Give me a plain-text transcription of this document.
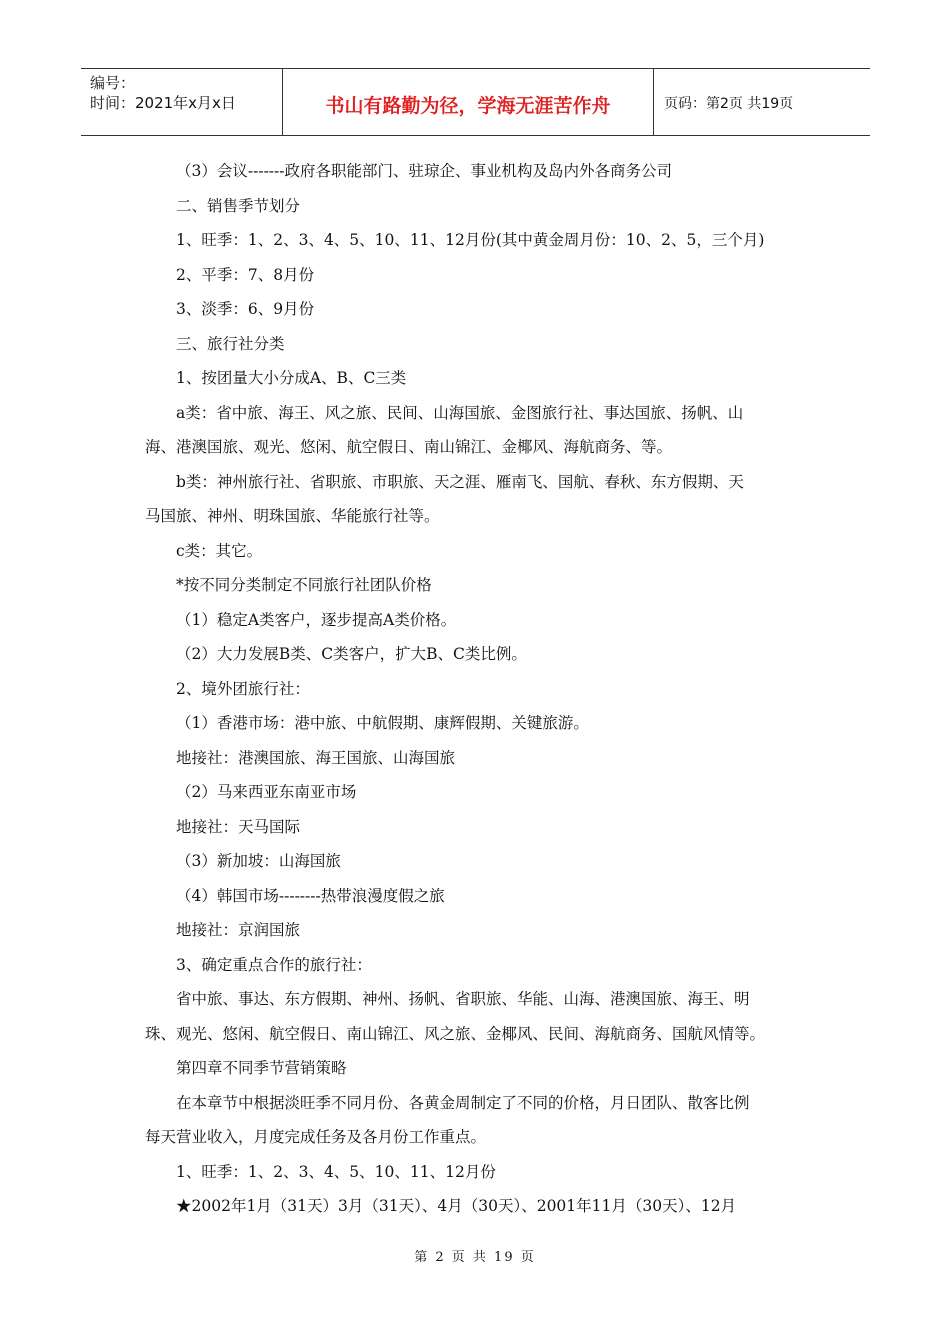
编号：
时间：2021年x月x日	书山有路勤为径，学海无涯苦作舟	页码：第2页 共19页
（3）会议-------政府各职能部门、驻琼企、事业机构及岛内外各商务公司
二、销售季节划分
1、旺季：1、2、3、4、5、10、11、12月份(其中黄金周月份：10、2、5，三个月)
2、平季：7、8月份
3、淡季：6、9月份
三、旅行社分类
1、按团量大小分成A、B、C三类
a类：省中旅、海王、风之旅、民间、山海国旅、金图旅行社、事达国旅、扬帆、山
海、港澳国旅、观光、悠闲、航空假日、南山锦江、金椰风、海航商务、等。
b类：神州旅行社、省职旅、市职旅、天之涯、雁南飞、国航、春秋、东方假期、天
马国旅、神州、明珠国旅、华能旅行社等。
c类：其它。
*按不同分类制定不同旅行社团队价格
（1）稳定A类客户，逐步提高A类价格。
（2）大力发展B类、C类客户，扩大B、C类比例。
2、境外团旅行社：
（1）香港市场：港中旅、中航假期、康辉假期、关键旅游。
地接社：港澳国旅、海王国旅、山海国旅
（2）马来西亚东南亚市场
地接社：天马国际
（3）新加坡：山海国旅
（4）韩国市场--------热带浪漫度假之旅
地接社：京润国旅
3、确定重点合作的旅行社：
省中旅、事达、东方假期、神州、扬帆、省职旅、华能、山海、港澳国旅、海王、明
珠、观光、悠闲、航空假日、南山锦江、风之旅、金椰风、民间、海航商务、国航风情等。
第四章不同季节营销策略
在本章节中根据淡旺季不同月份、各黄金周制定了不同的价格，月日团队、散客比例
每天营业收入，月度完成任务及各月份工作重点。
1、旺季：1、2、3、4、5、10、11、12月份
★2002年1月（31天）3月（31天）、4月（30天）、2001年11月（30天）、12月
第 2 页 共 19 页
